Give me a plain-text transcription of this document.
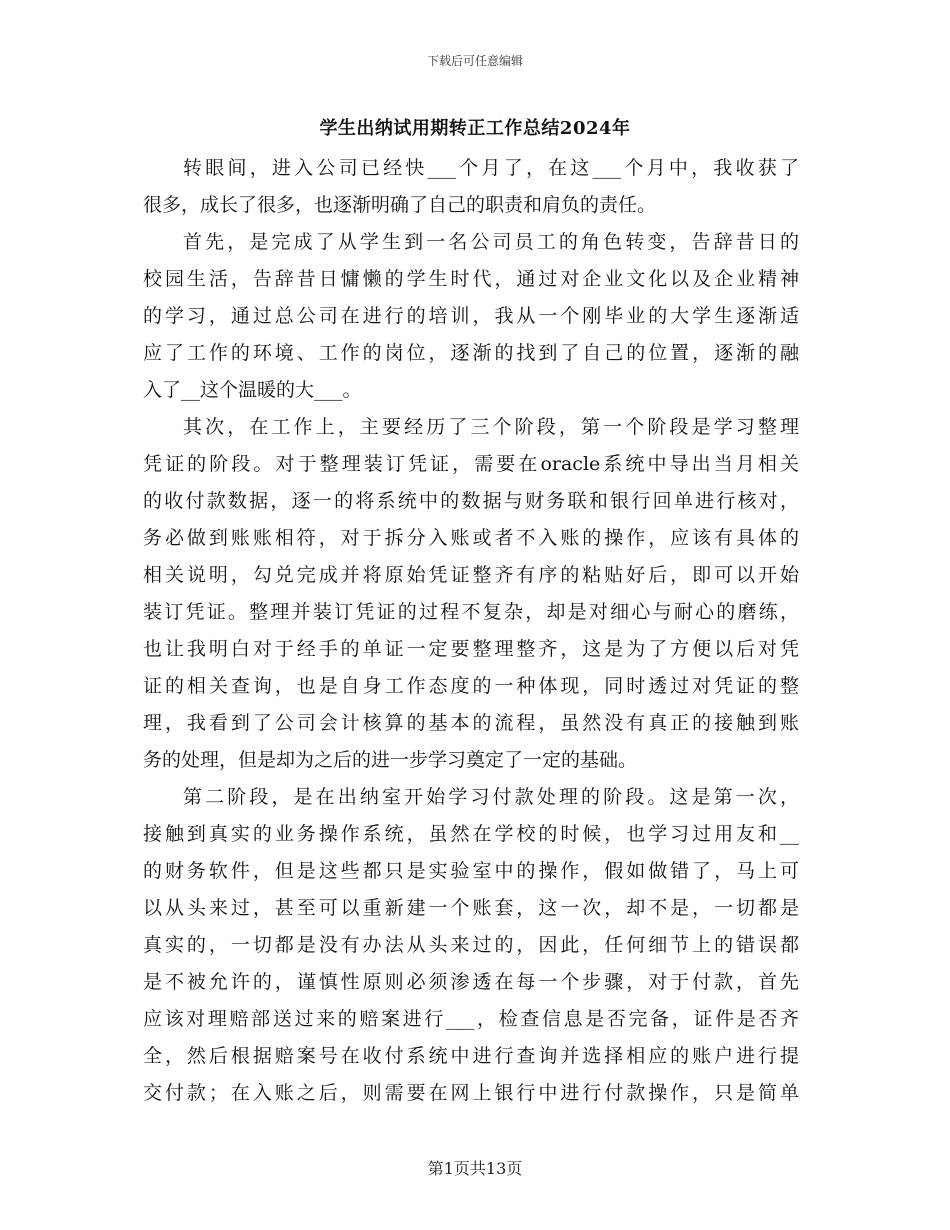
下载后可任意编辑
学生出纳试用期转正工作总结2024年
转眼间，进入公司已经快___个月了，在这___个月中，我收获了
很多，成长了很多，也逐渐明确了自己的职责和肩负的责任。
首先，是完成了从学生到一名公司员工的角色转变，告辞昔日的
校园生活，告辞昔日慵懒的学生时代，通过对企业文化以及企业精神
的学习，通过总公司在进行的培训，我从一个刚毕业的大学生逐渐适
应了工作的环境、工作的岗位，逐渐的找到了自己的位置，逐渐的融
入了__这个温暖的大___。
其次，在工作上，主要经历了三个阶段，第一个阶段是学习整理
凭证的阶段。对于整理装订凭证，需要在oracle系统中导出当月相关
的收付款数据，逐一的将系统中的数据与财务联和银行回单进行核对，
务必做到账账相符，对于拆分入账或者不入账的操作，应该有具体的
相关说明，勾兑完成并将原始凭证整齐有序的粘贴好后，即可以开始
装订凭证。整理并装订凭证的过程不复杂，却是对细心与耐心的磨练，
也让我明白对于经手的单证一定要整理整齐，这是为了方便以后对凭
证的相关查询，也是自身工作态度的一种体现，同时透过对凭证的整
理，我看到了公司会计核算的基本的流程，虽然没有真正的接触到账
务的处理，但是却为之后的进一步学习奠定了一定的基础。
第二阶段，是在出纳室开始学习付款处理的阶段。这是第一次，
接触到真实的业务操作系统，虽然在学校的时候，也学习过用友和__
的财务软件，但是这些都只是实验室中的操作，假如做错了，马上可
以从头来过，甚至可以重新建一个账套，这一次，却不是，一切都是
真实的，一切都是没有办法从头来过的，因此，任何细节上的错误都
是不被允许的，谨慎性原则必须渗透在每一个步骤，对于付款，首先
应该对理赔部送过来的赔案进行___，检查信息是否完备，证件是否齐
全，然后根据赔案号在收付系统中进行查询并选择相应的账户进行提
交付款；在入账之后，则需要在网上银行中进行付款操作，只是简单
第1页共13页
